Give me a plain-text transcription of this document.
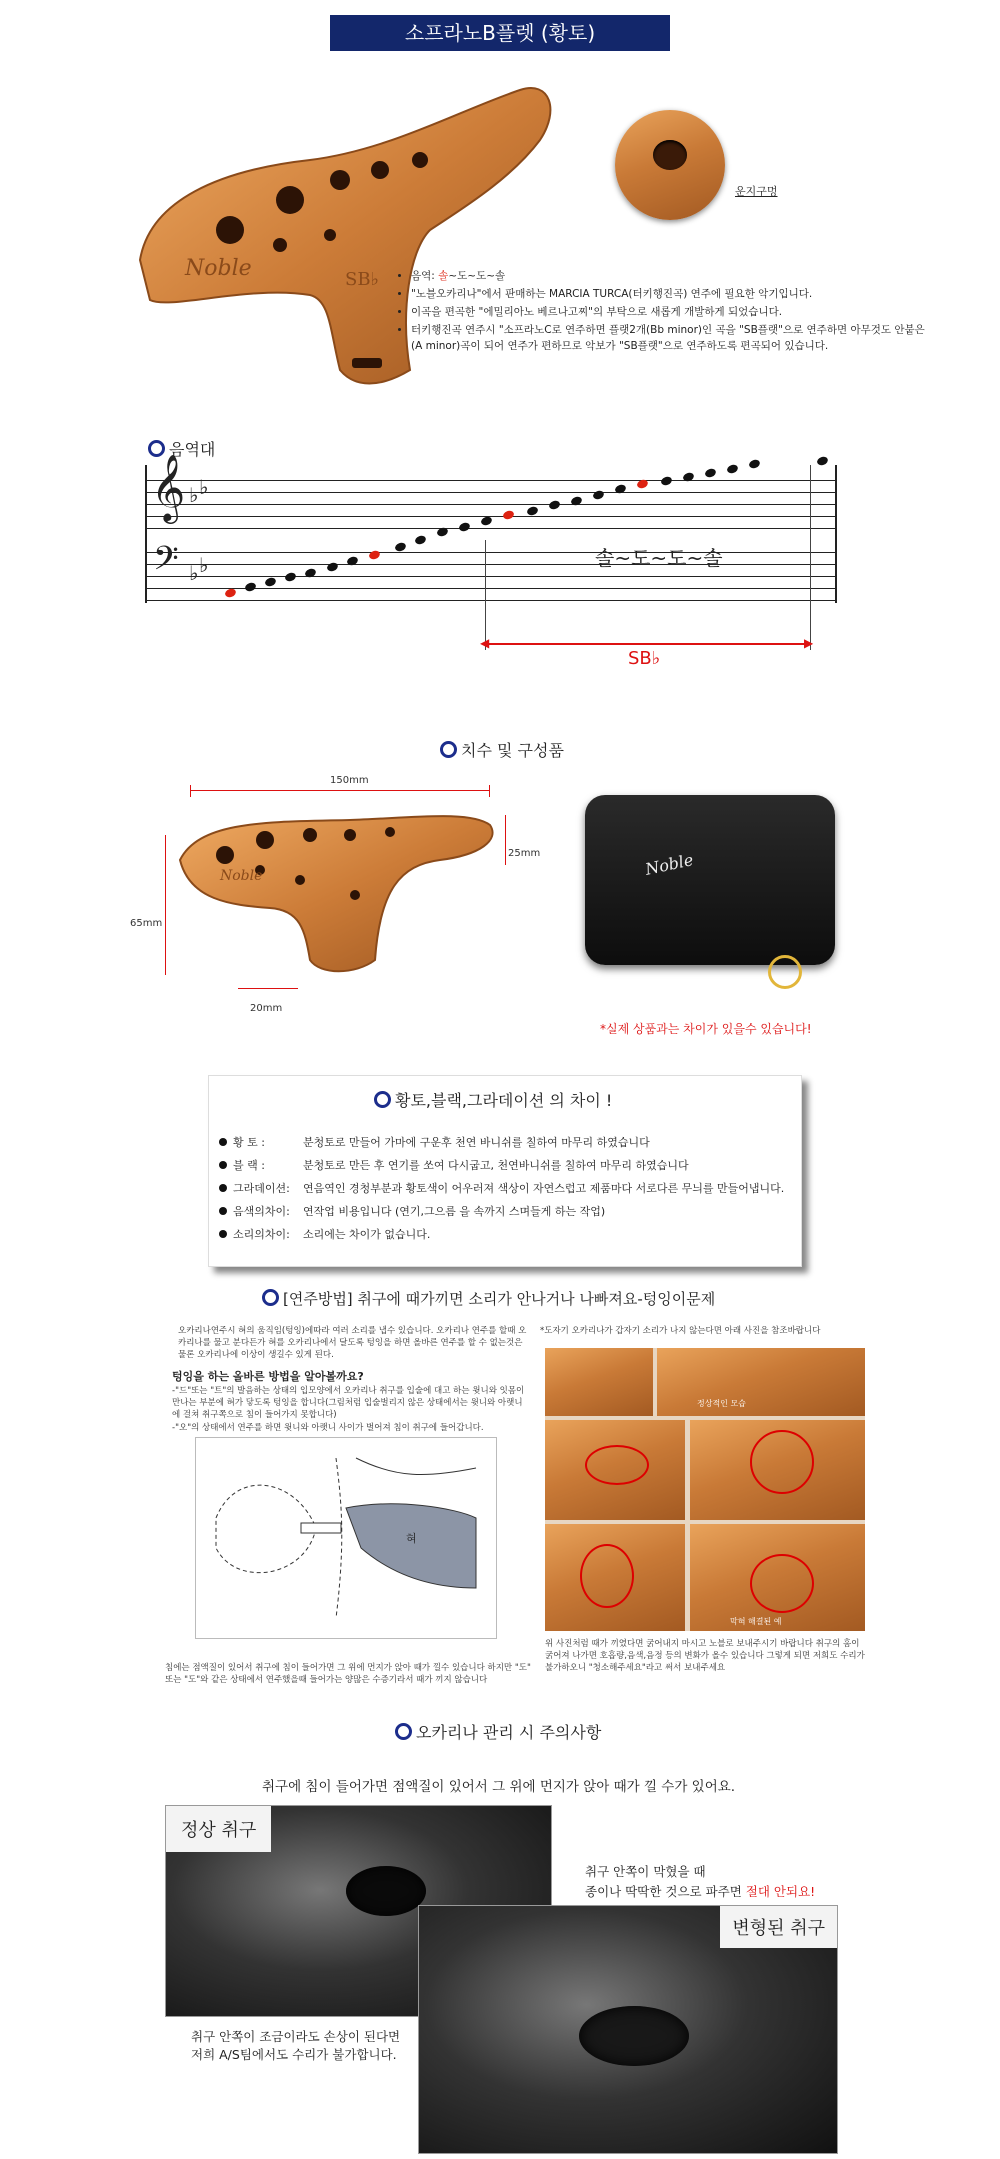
소프라노B플렛 (황토)
Noble	SB♭
운지구멍
• 음역: 솔~도~도~솔
• "노블오카리나"에서 판매하는 MARCIA TURCA(터키행진곡) 연주에 필요한 악기입니다.
• 이곡을 편곡한 "에밀리아노 베르나고찌"의 부탁으로 새롭게 개발하게 되었습니다.
• 터키행진곡 연주시 "소프라노C로 연주하면 플랫2개(Bb minor)인 곡을 "SB플랫"으로 연주하면 아무것도 안붙은(A minor)곡이 되어 연주가 편하므로 악보가 "SB플랫"으로 연주하도록 편곡되어 있습니다.
음역대
𝄞
𝄢
♭ ♭
♭ ♭	솔~도~도~솔
◀	▶
SB♭
치수 및 구성품
150mm
Noble
25mm
65mm
20mm
Noble
*실제 상품과는 차이가 있을수 있습니다!
황토,블랙,그라데이션 의 차이 !
황 토 :	분청토로 만들어 가마에 구운후 천연 바니쉬를 칠하여 마무리 하였습니다
블 랙 :	분청토로 만든 후 연기를 쏘여 다시굽고, 천연바니쉬를 칠하여 마무리 하였습니다
그라데이션: 연음역인 경청부분과 황토색이 어우러져 색상이 자연스럽고 제품마다 서로다른 무늬를 만들어냅니다.
음색의차이: 연작업 비용입니다 (연기,그으름 을 속까지 스며들게 하는 작업)
소리의차이: 소리에는 차이가 없습니다.
[연주방법] 취구에 때가끼면 소리가 안나거나 나빠져요-텅잉이문제
오카리나연주시 혀의 움직임(텅잉)에따라 여러 소리를 냅수 있습니다. 오카리나 연주를 할때 오카리나를 물고 분다든가 혀를 오카리나에서 달도록 텅잉을 하면 올바른 연주를 할 수 없는것은 물론 오카리나에 이상이 생길수 있게 된다.
텅잉을 하는 올바른 방법을 알아볼까요?
-"드"또는 "트"의 발음하는 상태의 입모양에서 오카리나 취구를 입술에 대고 하는 윗니와 잇몸이 만나는 부분에 혀가 닿도록 텅잉을 합니다(그림처럼 입술벌리지 않은 상태에서는 윗니와 아랫니에 걸쳐 취구쪽으로 침이 들어가지 못합니다)
-"오"의 상태에서 연주를 하면 윗니와 아랫니 사이가 벌어져 침이 취구에 들어갑니다.
혀
침에는 점액질이 있어서 취구에 침이 들어가면 그 위에 먼지가 앉아 때가 낄수 있습니다 하지만 "도" 또는 "도"와 같은 상태에서 연주했을때 들어가는 양많은 수증기라서 때가 끼지 않습니다
*도자기 오카리나가 갑자기 소리가 나지 않는다면 아래 사진을 참조바랍니다
정상적인 모습
막혀 해결된 예
위 사진처럼 때가 끼였다면 굵어내지 마시고 노블로 보내주시기 바랍니다 취구의 홈이 굵어져 나가면 호흡량,음색,음정 등의 변화가 올수 있습니다 그렇게 되면 저희도 수리가 불가하오니 "청소해주세요"라고 써서 보내주세요
오카리나 관리 시 주의사항
취구에 침이 들어가면 점액질이 있어서 그 위에 먼지가 앉아 때가 낄 수가 있어요.
정상 취구
변형된 취구

취구 안쪽이 막혔을 때
종이나 딱딱한 것으로 파주면 절대 안되요!

취구 안쪽이 조금이라도 손상이 된다면
저희 A/S팀에서도 수리가 불가합니다.
